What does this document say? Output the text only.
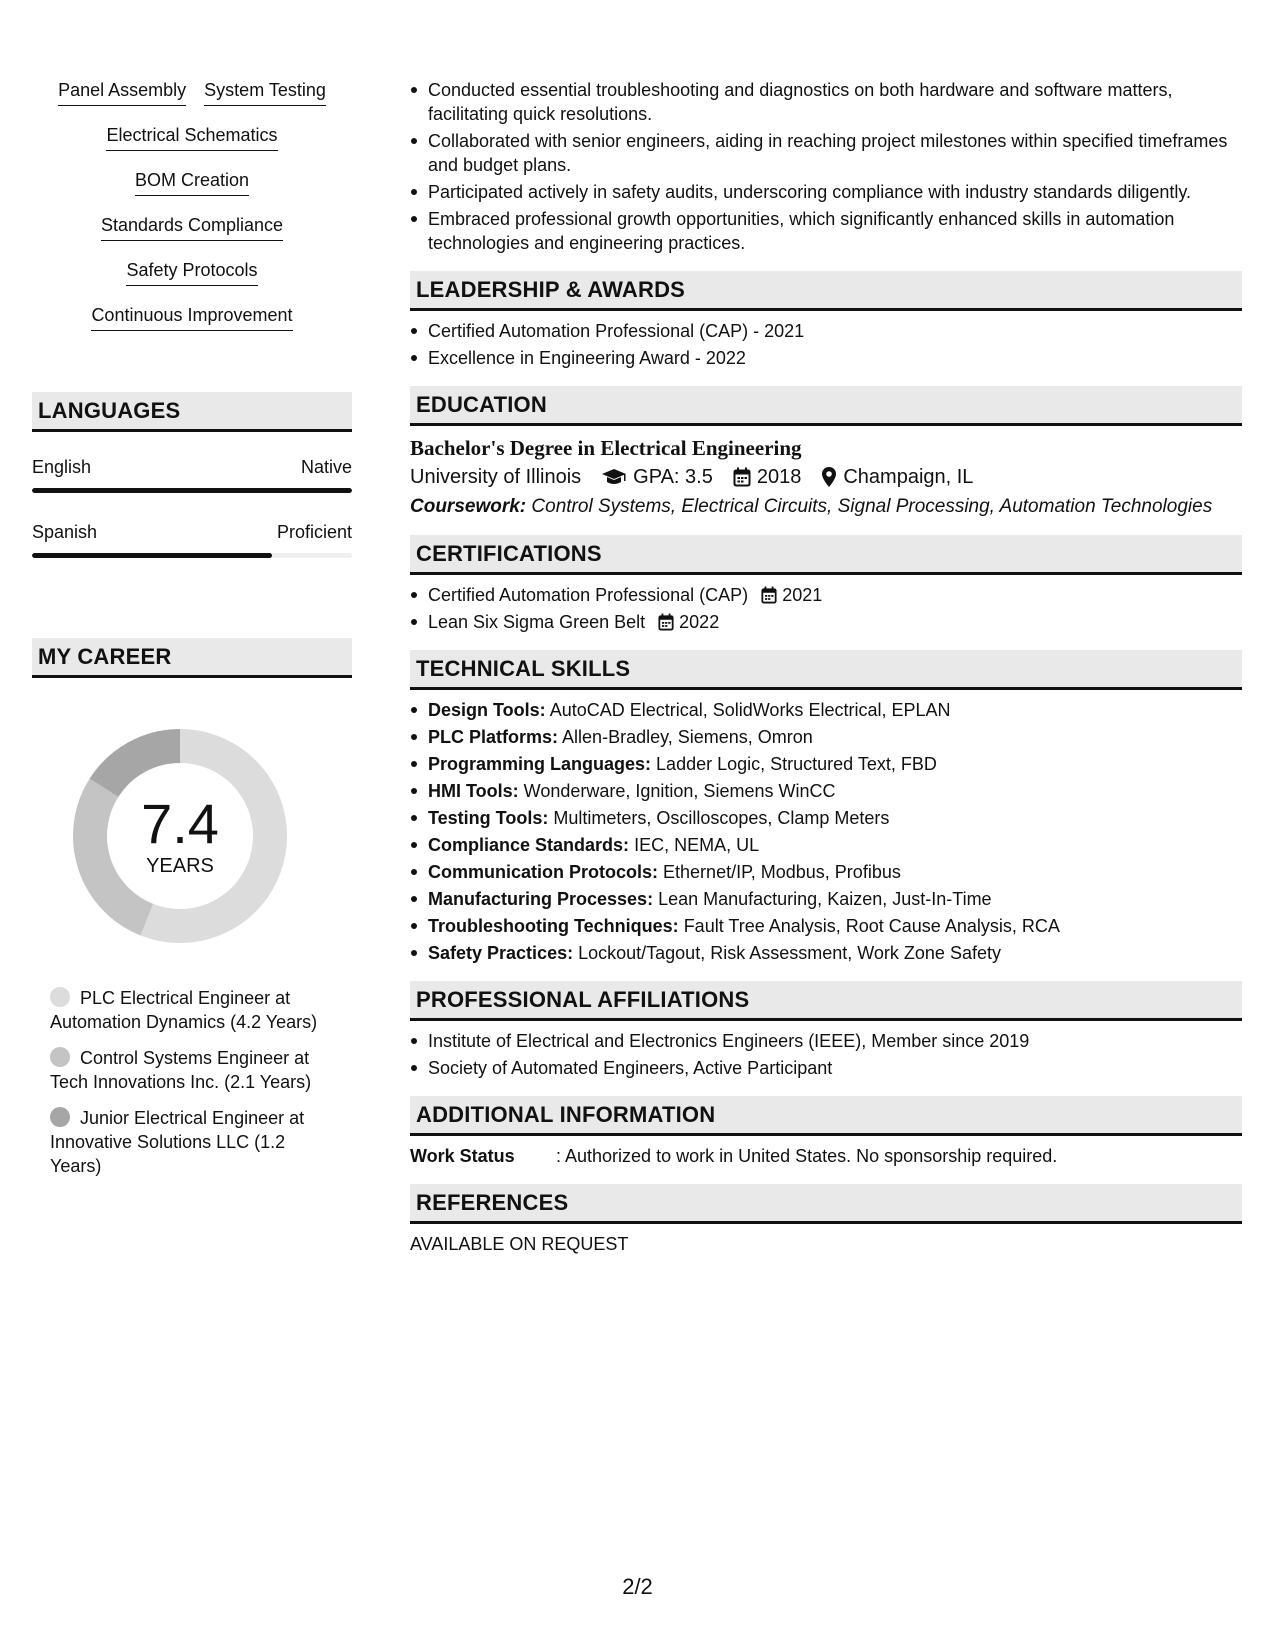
Panel Assembly System Testing
Electrical Schematics
BOM Creation
Standards Compliance
Safety Protocols
Continuous Improvement
LANGUAGES
English	Native
Spanish	Proficient
MY CAREER
7.4
YEARS
PLC Electrical Engineer at Automation Dynamics (4.2 Years)
Control Systems Engineer at Tech Innovations Inc. (2.1 Years)
Junior Electrical Engineer at Innovative Solutions LLC (1.2 Years)
Conducted essential troubleshooting and diagnostics on both hardware and software matters, facilitating quick resolutions.
Collaborated with senior engineers, aiding in reaching project milestones within specified timeframes and budget plans.
Participated actively in safety audits, underscoring compliance with industry standards diligently.
Embraced professional growth opportunities, which significantly enhanced skills in automation technologies and engineering practices.
LEADERSHIP & AWARDS
Certified Automation Professional (CAP) - 2021
Excellence in Engineering Award - 2022
EDUCATION
Bachelor's Degree in Electrical Engineering
University of Illinois	GPA: 3.5 2018 Champaign, IL
Coursework: Control Systems, Electrical Circuits, Signal Processing, Automation Technologies
CERTIFICATIONS
Certified Automation Professional (CAP) 2021
Lean Six Sigma Green Belt 2022
TECHNICAL SKILLS
Design Tools: AutoCAD Electrical, SolidWorks Electrical, EPLAN
PLC Platforms: Allen-Bradley, Siemens, Omron
Programming Languages: Ladder Logic, Structured Text, FBD
HMI Tools: Wonderware, Ignition, Siemens WinCC
Testing Tools: Multimeters, Oscilloscopes, Clamp Meters
Compliance Standards: IEC, NEMA, UL
Communication Protocols: Ethernet/IP, Modbus, Profibus
Manufacturing Processes: Lean Manufacturing, Kaizen, Just-In-Time
Troubleshooting Techniques: Fault Tree Analysis, Root Cause Analysis, RCA
Safety Practices: Lockout/Tagout, Risk Assessment, Work Zone Safety
PROFESSIONAL AFFILIATIONS
Institute of Electrical and Electronics Engineers (IEEE), Member since 2019
Society of Automated Engineers, Active Participant
ADDITIONAL INFORMATION
Work Status	: Authorized to work in United States. No sponsorship required.
REFERENCES
AVAILABLE ON REQUEST
2/2
